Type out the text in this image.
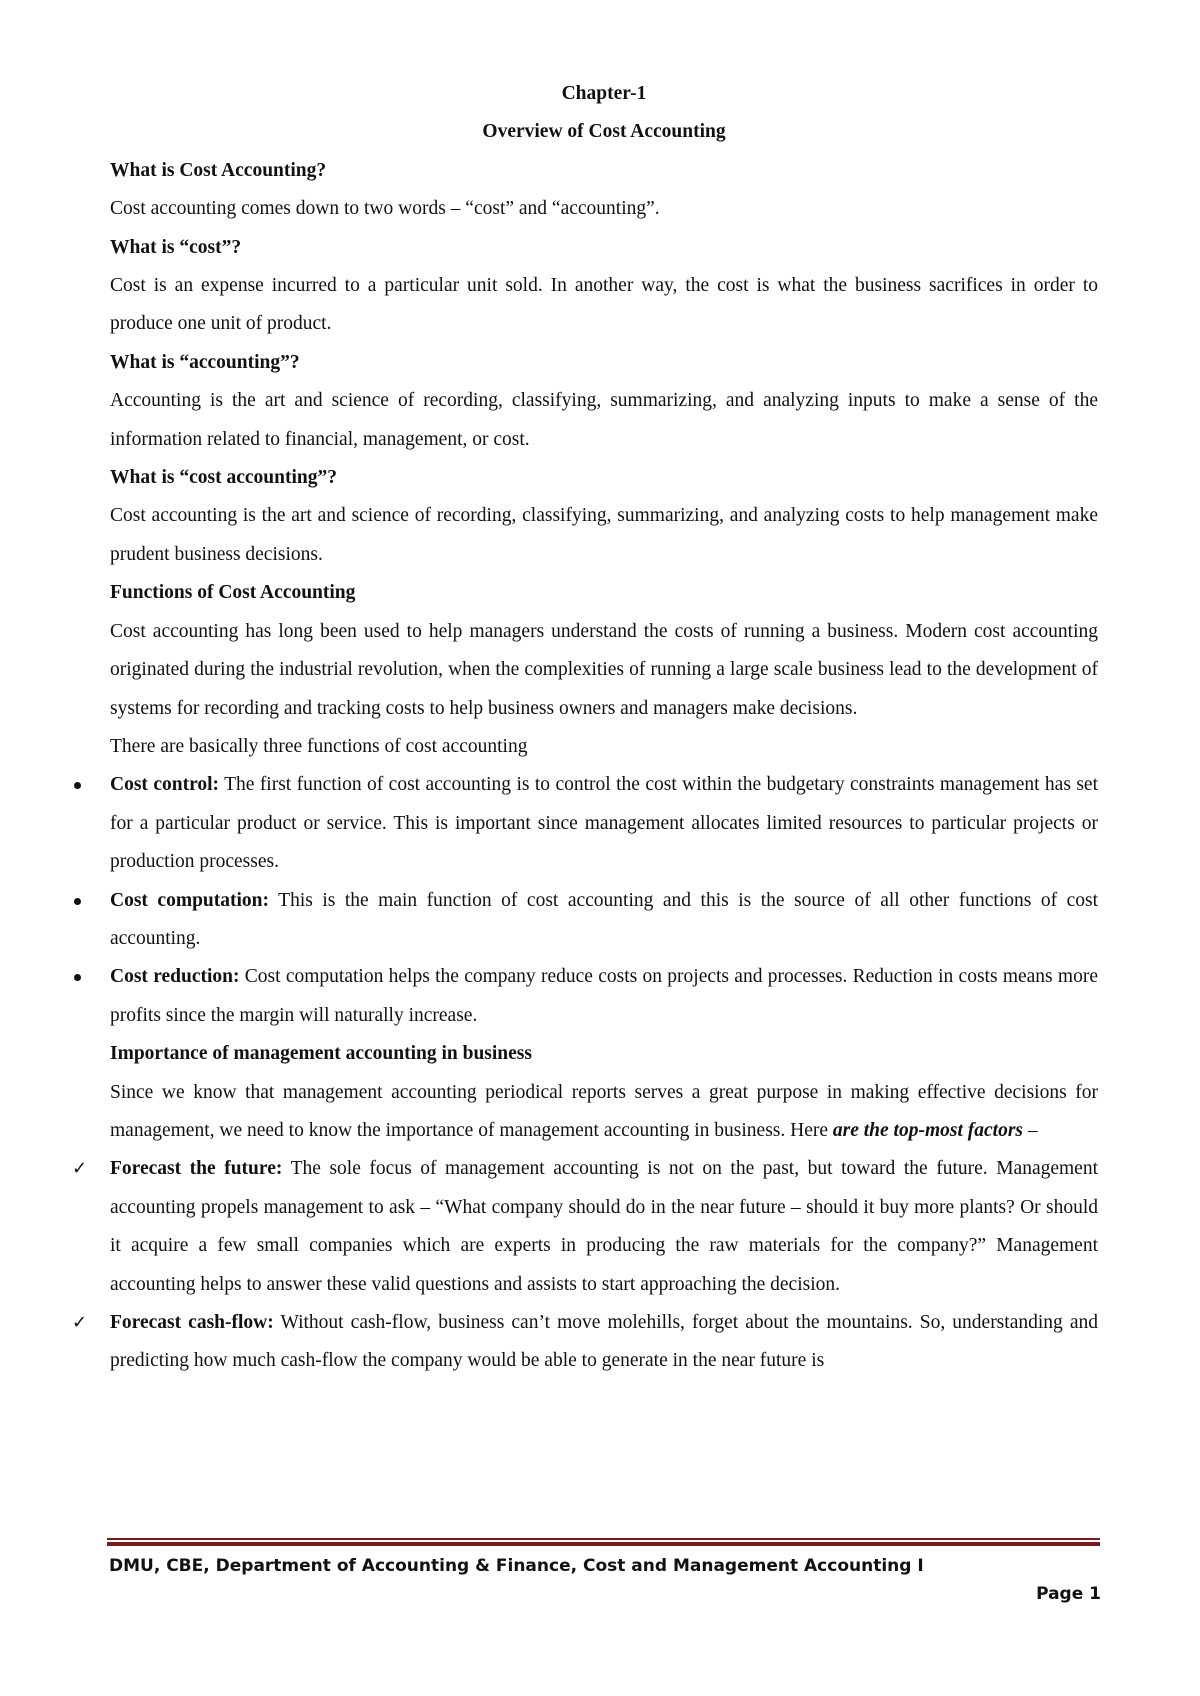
Chapter-1

Overview of Cost Accounting

What is Cost Accounting?

Cost accounting comes down to two words – “cost” and “accounting”.

What is “cost”?

Cost is an expense incurred to a particular unit sold. In another way, the cost is what the business sacrifices in order to produce one unit of product.

What is “accounting”?

Accounting is the art and science of recording, classifying, summarizing, and analyzing inputs to make a sense of the information related to financial, management, or cost.

What is “cost accounting”?

Cost accounting is the art and science of recording, classifying, summarizing, and analyzing costs to help management make prudent business decisions.

Functions of Cost Accounting

Cost accounting has long been used to help managers understand the costs of running a business. Modern cost accounting originated during the industrial revolution, when the complexities of running a large scale business lead to the development of systems for recording and tracking costs to help business owners and managers make decisions.

There are basically three functions of cost accounting

Cost control: The first function of cost accounting is to control the cost within the budgetary constraints management has set for a particular product or service. This is important since management allocates limited resources to particular projects or production processes.
Cost computation: This is the main function of cost accounting and this is the source of all other functions of cost accounting.
Cost reduction: Cost computation helps the company reduce costs on projects and processes. Reduction in costs means more profits since the margin will naturally increase.

Importance of management accounting in business

Since we know that management accounting periodical reports serves a great purpose in making effective decisions for management, we need to know the importance of management accounting in business. Here are the top-most factors –

✓ Forecast the future: The sole focus of management accounting is not on the past, but toward the future. Management accounting propels management to ask – “What company should do in the near future – should it buy more plants? Or should it acquire a few small companies which are experts in producing the raw materials for the company?” Management accounting helps to answer these valid questions and assists to start approaching the decision.
✓ Forecast cash-flow: Without cash-flow, business can’t move molehills, forget about the mountains. So, understanding and predicting how much cash-flow the company would be able to generate in the near future is
DMU, CBE, Department of Accounting & Finance, Cost and Management Accounting I
Page 1
